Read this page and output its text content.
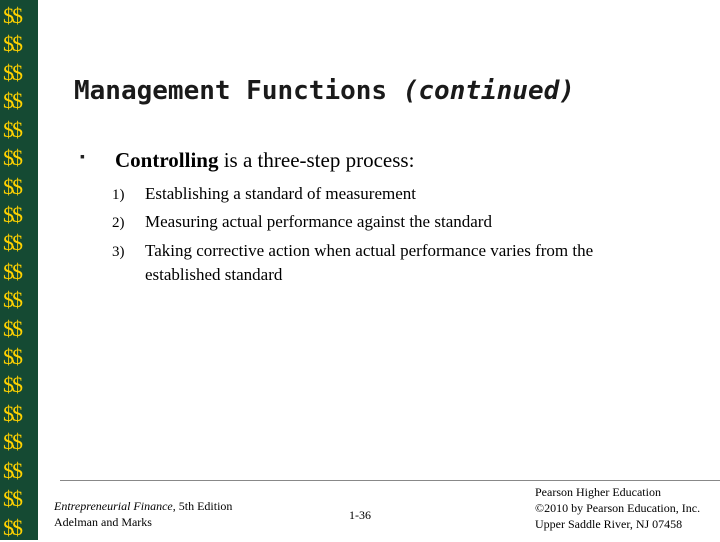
$$
$$
$$
$$
$$
$$
$$
$$
$$
$$
$$
$$
$$
$$
$$
$$
$$
$$
$$
Management Functions (continued)
▪ Controlling is a three-step process:
1) Establishing a standard of measurement
2) Measuring actual performance against the standard
3) Taking corrective action when actual performance varies from the
established standard
Entrepreneurial Finance, 5th Edition
Adelman and Marks	1-36
Pearson Higher Education
©2010 by Pearson Education, Inc.
Upper Saddle River, NJ 07458
